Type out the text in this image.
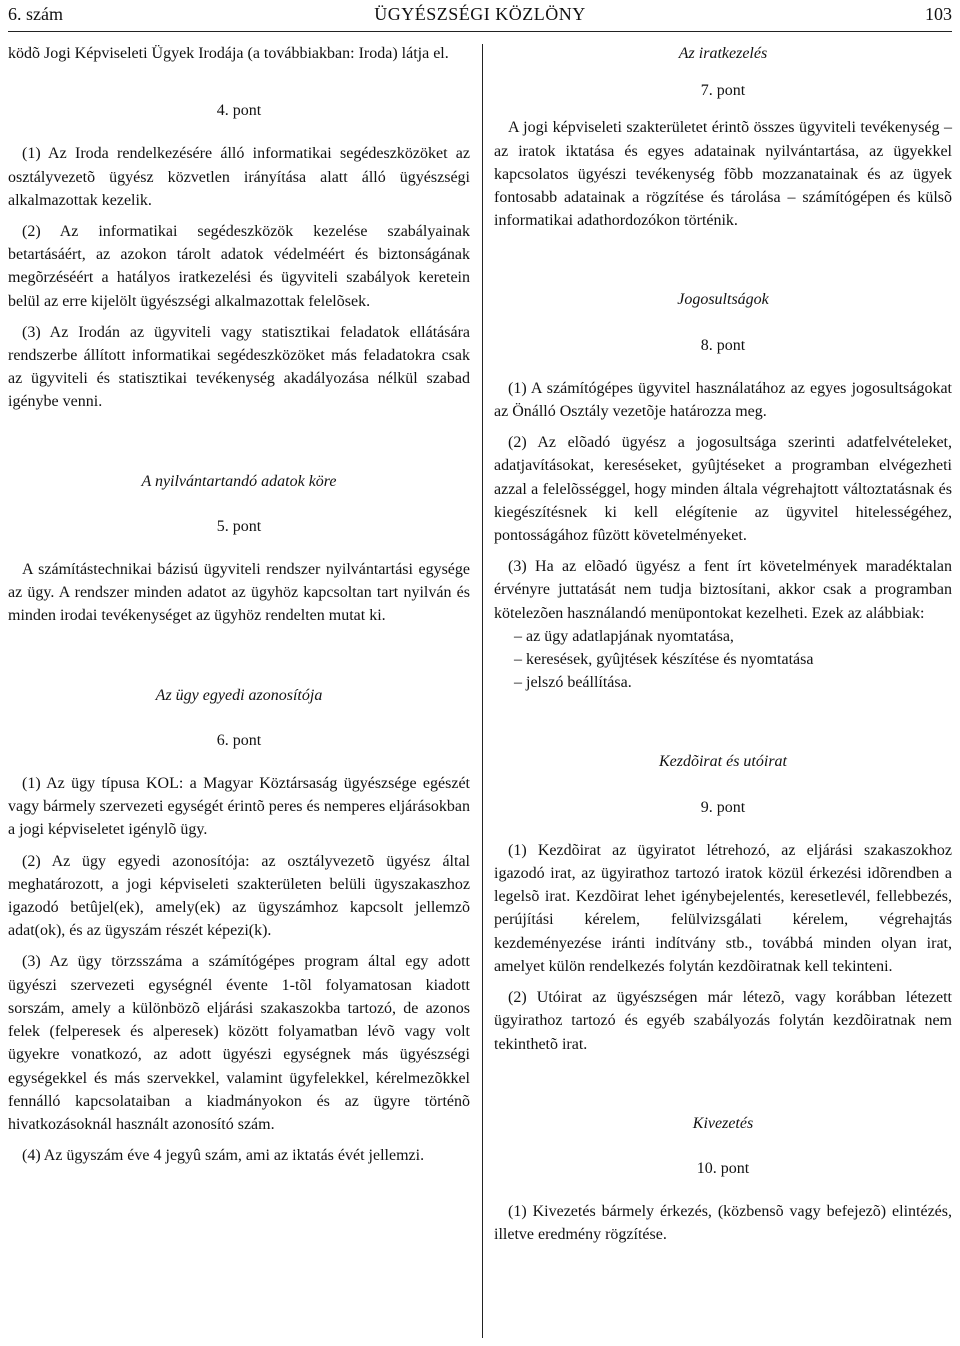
6. szám	ÜGYÉSZSÉGI KÖZLÖNY	103

ködõ Jogi Képviseleti Ügyek Irodája (a továbbiakban: Iroda) látja el.

4. pont

(1) Az Iroda rendelkezésére álló informatikai segédeszközöket az osztályvezetõ ügyész közvetlen irányítása alatt álló ügyészségi alkalmazottak kezelik.

(2) Az informatikai segédeszközök kezelése szabályainak betartásáért, az azokon tárolt adatok védelméért és biztonságának megõrzéséért a hatályos iratkezelési és ügyviteli szabályok keretein belül az erre kijelölt ügyészségi alkalmazottak felelõsek.

(3) Az Irodán az ügyviteli vagy statisztikai feladatok ellátására rendszerbe állított informatikai segédeszközöket más feladatokra csak az ügyviteli és statisztikai tevékenység akadályozása nélkül szabad igénybe venni.

A nyilvántartandó adatok köre

5. pont

A számítástechnikai bázisú ügyviteli rendszer nyilvántartási egysége az ügy. A rendszer minden adatot az ügyhöz kapcsoltan tart nyilván és minden irodai tevékenységet az ügyhöz rendelten mutat ki.

Az ügy egyedi azonosítója

6. pont

(1) Az ügy típusa KOL: a Magyar Köztársaság ügyészsége egészét vagy bármely szervezeti egységét érintõ peres és nemperes eljárásokban a jogi képviseletet igénylõ ügy.

(2) Az ügy egyedi azonosítója: az osztályvezetõ ügyész által meghatározott, a jogi képviseleti szakterületen belüli ügyszakaszhoz igazodó betûjel(ek), amely(ek) az ügyszámhoz kapcsolt jellemzõ adat(ok), és az ügyszám részét képezi(k).

(3) Az ügy törzsszáma a számítógépes program által egy adott ügyészi szervezeti egységnél évente 1-tõl folyamatosan kiadott sorszám, amely a különbözõ eljárási szakaszokba tartozó, de azonos felek (felperesek és alperesek) között folyamatban lévõ vagy volt ügyekre vonatkozó, az adott ügyészi egységnek más ügyészségi egységekkel és más szervekkel, valamint ügyfelekkel, kérelmezõkkel fennálló kapcsolataiban a kiadmányokon és az ügyre történõ hivatkozásoknál használt azonosító szám.

(4) Az ügyszám éve 4 jegyû szám, ami az iktatás évét jellemzi.

Az iratkezelés

7. pont

A jogi képviseleti szakterületet érintõ összes ügyviteli tevékenység – az iratok iktatása és egyes adatainak nyilvántartása, az ügyekkel kapcsolatos ügyészi tevékenység fõbb mozzanatainak és az ügyek fontosabb adatainak a rögzítése és tárolása – számítógépen és külsõ informatikai adathordozókon történik.

Jogosultságok

8. pont

(1) A számítógépes ügyvitel használatához az egyes jogosultságokat az Önálló Osztály vezetõje határozza meg.

(2) Az elõadó ügyész a jogosultsága szerinti adatfelvételeket, adatjavításokat, kereséseket, gyûjtéseket a programban elvégezheti azzal a felelõsséggel, hogy minden általa végrehajtott változtatásnak és kiegészítésnek ki kell elégítenie az ügyvitel hitelességéhez, pontosságához fûzött követelményeket.

(3) Ha az elõadó ügyész a fent írt követelmények maradéktalan érvényre juttatását nem tudja biztosítani, akkor csak a programban kötelezõen használandó menüpontokat kezelheti. Ezek az alábbiak:

– az ügy adatlapjának nyomtatása,
– keresések, gyûjtések készítése és nyomtatása
– jelszó beállítása.

Kezdõirat és utóirat

9. pont

(1) Kezdõirat az ügyiratot létrehozó, az eljárási szakaszokhoz igazodó irat, az ügyirathoz tartozó iratok közül érkezési idõrendben a legelsõ irat. Kezdõirat lehet igénybejelentés, keresetlevél, fellebbezés, perújítási kérelem, felülvizsgálati kérelem, végrehajtás kezdeményezése iránti indítvány stb., továbbá minden olyan irat, amelyet külön rendelkezés folytán kezdõiratnak kell tekinteni.

(2) Utóirat az ügyészségen már létezõ, vagy korábban létezett ügyirathoz tartozó és egyéb szabályozás folytán kezdõiratnak nem tekinthetõ irat.

Kivezetés

10. pont

(1) Kivezetés bármely érkezés, (közbensõ vagy befejezõ) elintézés, illetve eredmény rögzítése.
